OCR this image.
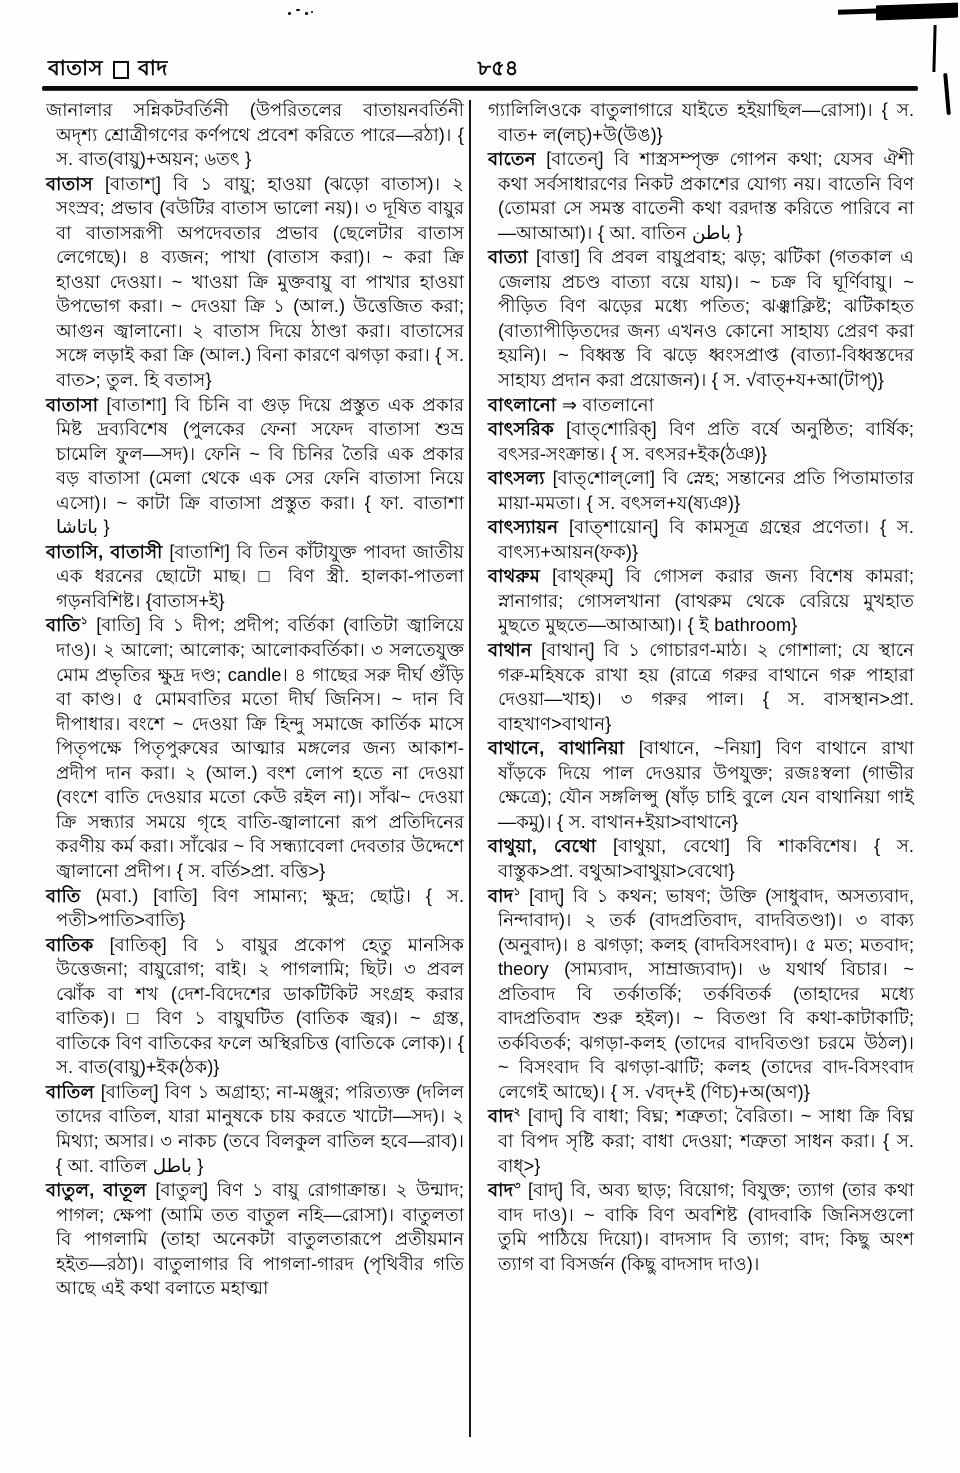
বাতাস বাদ	৮৫৪

জানালার সন্নিকটবর্তিনী (উপরিতলের বাতায়নবর্তিনী অদৃশ্য শ্রোত্রীগণের কর্ণপথে প্রবেশ করিতে পারে—রঠা)। { স. বাত(বায়ু)+অয়ন; ৬তৎ }

বাতাস [বাতাশ্] বি ১ বায়ু; হাওয়া (ঝড়ো বাতাস)। ২ সংস্রব; প্রভাব (বউটির বাতাস ভালো নয়)। ৩ দূষিত বায়ুর বা বাতাসরূপী অপদেবতার প্রভাব (ছেলেটার বাতাস লেগেছে)। ৪ ব্যজন; পাখা (বাতাস করা)। ~ করা ক্রি হাওয়া দেওয়া। ~ খাওয়া ক্রি মুক্তবায়ু বা পাখার হাওয়া উপভোগ করা। ~ দেওয়া ক্রি ১ (আল.) উত্তেজিত করা; আগুন জ্বালানো। ২ বাতাস দিয়ে ঠাণ্ডা করা। বাতাসের সঙ্গে লড়াই করা ক্রি (আল.) বিনা কারণে ঝগড়া করা। { স. বাত>; তুল. হি বতাস}

বাতাসা [বাতাশা] বি চিনি বা গুড় দিয়ে প্রস্তুত এক প্রকার মিষ্ট দ্রব্যবিশেষ (পুলকের ফেনা সফেদ বাতাসা শুভ্র চামেলি ফুল—সদ)। ফেনি ~ বি চিনির তৈরি এক প্রকার বড় বাতাসা (মেলা থেকে এক সের ফেনি বাতাসা নিয়ে এসো)। ~ কাটা ক্রি বাতাসা প্রস্তুত করা। { ফা. বাতাশা باتاشا }

বাতাসি, বাতাসী [বাতাশি] বি তিন কাঁটাযুক্ত পাবদা জাতীয় এক ধরনের ছোটো মাছ। □ বিণ স্ত্রী. হালকা-পাতলা গড়নবিশিষ্ট। {বাতাস+ই}

বাতি$^১$ [বাতি] বি ১ দীপ; প্রদীপ; বর্তিকা (বাতিটা জ্বালিয়ে দাও)। ২ আলো; আলোক; আলোকবর্তিকা। ৩ সলতেযুক্ত মোম প্রভৃতির ক্ষুদ্র দণ্ড; candle। ৪ গাছের সরু দীর্ঘ গুঁড়ি বা কাণ্ড। ৫ মোমবাতির মতো দীর্ঘ জিনিস। ~ দান বি দীপাধার। বংশে ~ দেওয়া ক্রি হিন্দু সমাজে কার্তিক মাসে পিতৃপক্ষে পিতৃপুরুষের আত্মার মঙ্গলের জন্য আকাশ-প্রদীপ দান করা। ২ (আল.) বংশ লোপ হতে না দেওয়া (বংশে বাতি দেওয়ার মতো কেউ রইল না)। সাঁঝ~ দেওয়া ক্রি সন্ধ্যার সময়ে গৃহে বাতি-জ্বালানো রূপ প্রতিদিনের করণীয় কর্ম করা। সাঁঝের ~ বি সন্ধ্যাবেলা দেবতার উদ্দেশে জ্বালানো প্রদীপ। { স. বর্তি>প্রা. বত্তি>}

বাতি (মবা.) [বাতি] বিণ সামান্য; ক্ষুদ্র; ছোট্ট। { স. পতী>পাতি>বাতি}

বাতিক [বাতিক্] বি ১ বায়ুর প্রকোপ হেতু মানসিক উত্তেজনা; বায়ুরোগ; বাই। ২ পাগলামি; ছিট। ৩ প্রবল ঝোঁক বা শখ (দেশ-বিদেশের ডাকটিকিট সংগ্রহ করার বাতিক)। □ বিণ ১ বায়ুঘটিত (বাতিক জ্বর)। ~ গ্রস্ত, বাতিকে বিণ বাতিকের ফলে অস্থিরচিত্ত (বাতিকে লোক)। { স. বাত(বায়ু)+ইক(ঠক)}

বাতিল [বাতিল্] বিণ ১ অগ্রাহ্য; না-মঞ্জুর; পরিত্যক্ত (দলিল তাদের বাতিল, যারা মানুষকে চায় করতে খাটো—সদ)। ২ মিথ্যা; অসার। ৩ নাকচ (তবে বিলকুল বাতিল হবে—রাব)। { আ. বাতিল باطل }

বাতুল, বাতূল [বাতুল্] বিণ ১ বায়ু রোগাক্রান্ত। ২ উন্মাদ; পাগল; ক্ষেপা (আমি তত বাতুল নহি—রোসা)। বাতুলতা বি পাগলামি (তাহা অনেকটা বাতুলতারূপে প্রতীয়মান হইত—রঠা)। বাতুলাগার বি পাগলা-গারদ (পৃথিবীর গতি আছে এই কথা বলাতে মহাত্মা

গ্যালিলিওকে বাতুলাগারে যাইতে হইয়াছিল—রোসা)। { স. বাত+ ল(লচ্)+উ(উঙ)}

বাতেন [বাতেন্] বি শাস্ত্রসম্পৃক্ত গোপন কথা; যেসব ঐশী কথা সর্বসাধারণের নিকট প্রকাশের যোগ্য নয়। বাতেনি বিণ (তোমরা সে সমস্ত বাতেনী কথা বরদাস্ত করিতে পারিবে না—আআআ)। { আ. বাতিন باطن }

বাত্যা [বাত্তা] বি প্রবল বায়ুপ্রবাহ; ঝড়; ঝটিকা (গতকাল এ জেলায় প্রচণ্ড বাত্যা বয়ে যায়)। ~ চক্র বি ঘূর্ণিবায়ু। ~ পীড়িত বিণ ঝড়ের মধ্যে পতিত; ঝঞ্ঝাক্লিষ্ট; ঝটিকাহত (বাত্যাপীড়িতদের জন্য এখনও কোনো সাহায্য প্রেরণ করা হয়নি)। ~ বিধ্বস্ত বি ঝড়ে ধ্বংসপ্রাপ্ত (বাত্যা-বিধ্বস্তদের সাহায্য প্রদান করা প্রয়োজন)। { স. √বাত্+য+আ(টাপ্)}

বাৎলানো ⇒ বাতলানো

বাৎসরিক [বাত্‌শোরিক্] বিণ প্রতি বর্ষে অনুষ্ঠিত; বার্ষিক; বৎসর-সংক্রান্ত। { স. বৎসর+ইক(ঠঞ)}

বাৎসল্য [বাত্‌শোল্‌লো] বি স্নেহ; সন্তানের প্রতি পিতামাতার মায়া-মমতা। { স. বৎসল+য(ষ্যঞ)}

বাৎস্যায়ন [বাত্‌শায়োন্] বি কামসূত্র গ্রন্থের প্রণেতা। { স. বাৎস্য+আয়ন(ফক)}

বাথরুম [বাথ্‌রুম্] বি গোসল করার জন্য বিশেষ কামরা; স্নানাগার; গোসলখানা (বাথরুম থেকে বেরিয়ে মুখহাত মুছতে মুছতে—আআআ)। { ই bathroom}

বাথান [বাথান্] বি ১ গোচারণ-মাঠ। ২ গোশালা; যে স্থানে গরু-মহিষকে রাখা হয় (রাত্রে গরুর বাথানে গরু পাহারা দেওয়া—খাহ)। ৩ গরুর পাল। { স. বাসস্থান>প্রা. বাহখাণ>বাথান}

বাথানে, বাথানিয়া [বাথানে, ~নিয়া] বিণ বাথানে রাখা ষাঁড়কে দিয়ে পাল দেওয়ার উপযুক্ত; রজঃস্বলা (গাভীর ক্ষেত্রে); যৌন সঙ্গলিপ্সু (ষাঁড় চাহি বুলে যেন বাথানিয়া গাই—কমু)। { স. বাথান+ইয়া>বাথানে}

বাথুয়া, বেথো [বাথুয়া, বেথো] বি শাকবিশেষ। { স. বাস্তুক>প্রা. বথুআ>বাথুয়া>বেথো}

বাদ$^১$ [বাদ্] বি ১ কথন; ভাষণ; উক্তি (সাধুবাদ, অসত্যবাদ, নিন্দাবাদ)। ২ তর্ক (বাদপ্রতিবাদ, বাদবিতণ্ডা)। ৩ বাক্য (অনুবাদ)। ৪ ঝগড়া; কলহ (বাদবিসংবাদ)। ৫ মত; মতবাদ; theory (সাম্যবাদ, সাম্রাজ্যবাদ)। ৬ যথার্থ বিচার। ~ প্রতিবাদ বি তর্কাতর্কি; তর্কবিতর্ক (তাহাদের মধ্যে বাদপ্রতিবাদ শুরু হইল)। ~ বিতণ্ডা বি কথা-কাটাকাটি; তর্কবিতর্ক; ঝগড়া-কলহ (তাদের বাদবিতণ্ডা চরমে উঠল)। ~ বিসংবাদ বি ঝগড়া-ঝাটি; কলহ (তাদের বাদ-বিসংবাদ লেগেই আছে)। { স. √বদ্+ই (ণিচ)+অ(অণ)}

বাদ$^২$ [বাদ্] বি বাধা; বিঘ্ন; শত্রুতা; বৈরিতা। ~ সাধা ক্রি বিঘ্ন বা বিপদ সৃষ্টি করা; বাধা দেওয়া; শত্রুতা সাধন করা। { স. বাধ্>}

বাদ$^৩$ [বাদ্] বি, অব্য ছাড়; বিয়োগ; বিযুক্ত; ত্যাগ (তার কথা বাদ দাও)। ~ বাকি বিণ অবশিষ্ট (বাদবাকি জিনিসগুলো তুমি পাঠিয়ে দিয়ো)। বাদসাদ বি ত্যাগ; বাদ; কিছু অংশ ত্যাগ বা বিসর্জন (কিছু বাদসাদ দাও)।
